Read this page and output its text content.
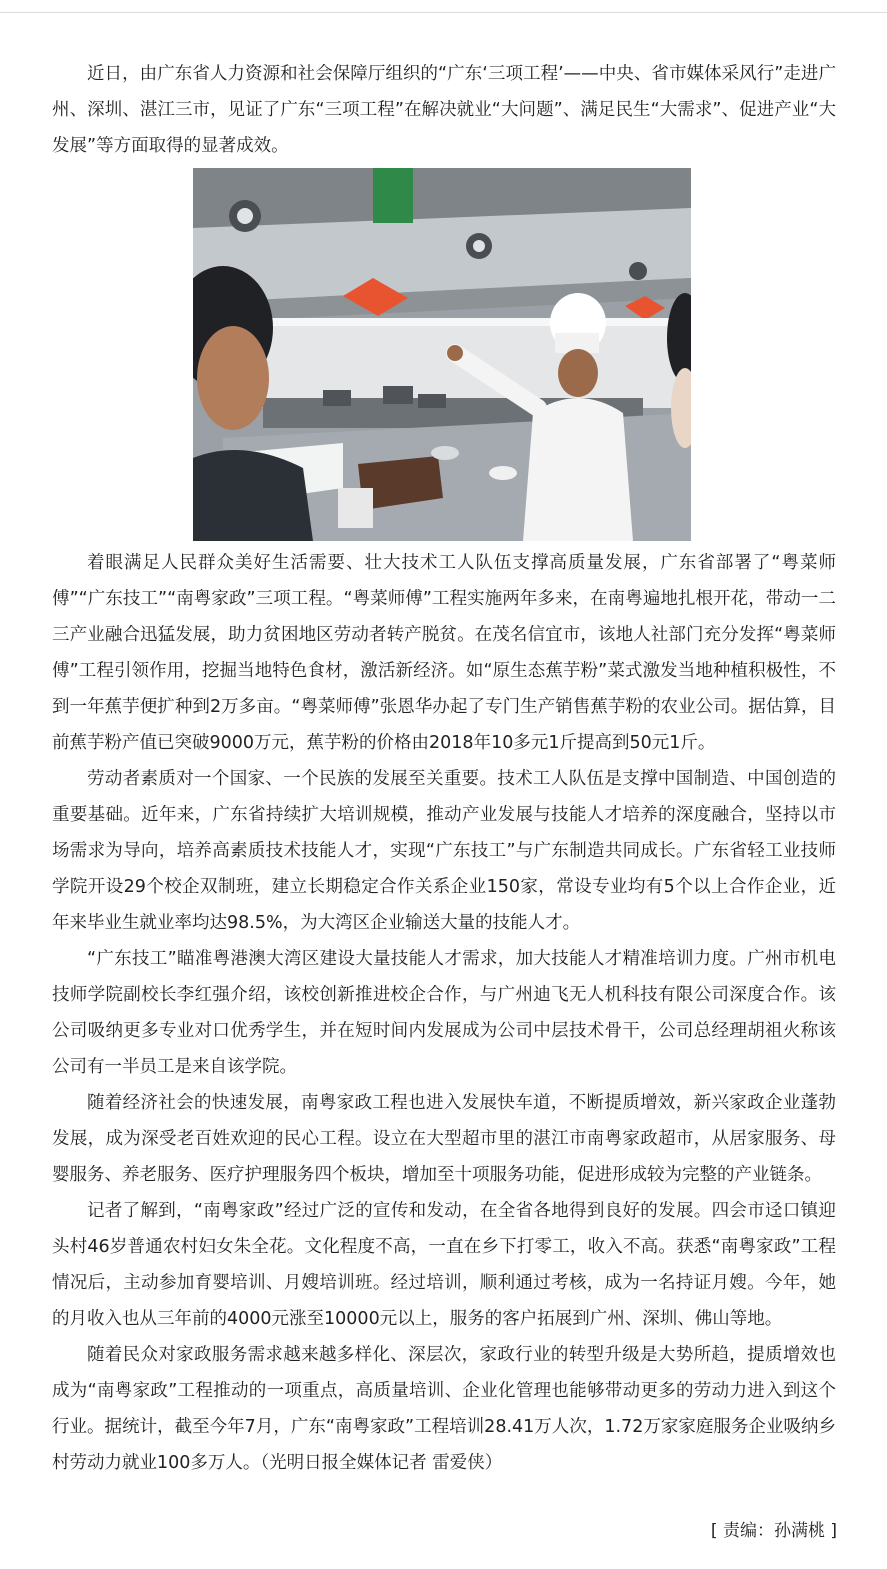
近日，由广东省人力资源和社会保障厅组织的“广东‘三项工程’——中央、省市媒体采风行”走进广州、深圳、湛江三市，见证了广东“三项工程”在解决就业“大问题”、满足民生“大需求”、促进产业“大发展”等方面取得的显著成效。

着眼满足人民群众美好生活需要、壮大技术工人队伍支撑高质量发展，广东省部署了“粤菜师傅”“广东技工”“南粤家政”三项工程。“粤菜师傅”工程实施两年多来，在南粤遍地扎根开花，带动一二三产业融合迅猛发展，助力贫困地区劳动者转产脱贫。在茂名信宜市，该地人社部门充分发挥“粤菜师傅”工程引领作用，挖掘当地特色食材，激活新经济。如“原生态蕉芋粉”菜式激发当地种植积极性，不到一年蕉芋便扩种到2万多亩。“粤菜师傅”张恩华办起了专门生产销售蕉芋粉的农业公司。据估算，目前蕉芋粉产值已突破9000万元，蕉芋粉的价格由2018年10多元1斤提高到50元1斤。

劳动者素质对一个国家、一个民族的发展至关重要。技术工人队伍是支撑中国制造、中国创造的重要基础。近年来，广东省持续扩大培训规模，推动产业发展与技能人才培养的深度融合，坚持以市场需求为导向，培养高素质技术技能人才，实现“广东技工”与广东制造共同成长。广东省轻工业技师学院开设29个校企双制班，建立长期稳定合作关系企业150家，常设专业均有5个以上合作企业，近年来毕业生就业率均达98.5%，为大湾区企业输送大量的技能人才。

“广东技工”瞄准粤港澳大湾区建设大量技能人才需求，加大技能人才精准培训力度。广州市机电技师学院副校长李红强介绍，该校创新推进校企合作，与广州迪飞无人机科技有限公司深度合作。该公司吸纳更多专业对口优秀学生，并在短时间内发展成为公司中层技术骨干，公司总经理胡祖火称该公司有一半员工是来自该学院。

随着经济社会的快速发展，南粤家政工程也进入发展快车道，不断提质增效，新兴家政企业蓬勃发展，成为深受老百姓欢迎的民心工程。设立在大型超市里的湛江市南粤家政超市，从居家服务、母婴服务、养老服务、医疗护理服务四个板块，增加至十项服务功能，促进形成较为完整的产业链条。

记者了解到，“南粤家政”经过广泛的宣传和发动，在全省各地得到良好的发展。四会市迳口镇迎头村46岁普通农村妇女朱全花。文化程度不高，一直在乡下打零工，收入不高。获悉“南粤家政”工程情况后，主动参加育婴培训、月嫂培训班。经过培训，顺利通过考核，成为一名持证月嫂。今年，她的月收入也从三年前的4000元涨至10000元以上，服务的客户拓展到广州、深圳、佛山等地。

随着民众对家政服务需求越来越多样化、深层次，家政行业的转型升级是大势所趋，提质增效也成为“南粤家政”工程推动的一项重点，高质量培训、企业化管理也能够带动更多的劳动力进入到这个行业。据统计，截至今年7月，广东“南粤家政”工程培训28.41万人次，1.72万家家庭服务企业吸纳乡村劳动力就业100多万人。（光明日报全媒体记者 雷爱侠）

[ 责编：孙满桃 ]
